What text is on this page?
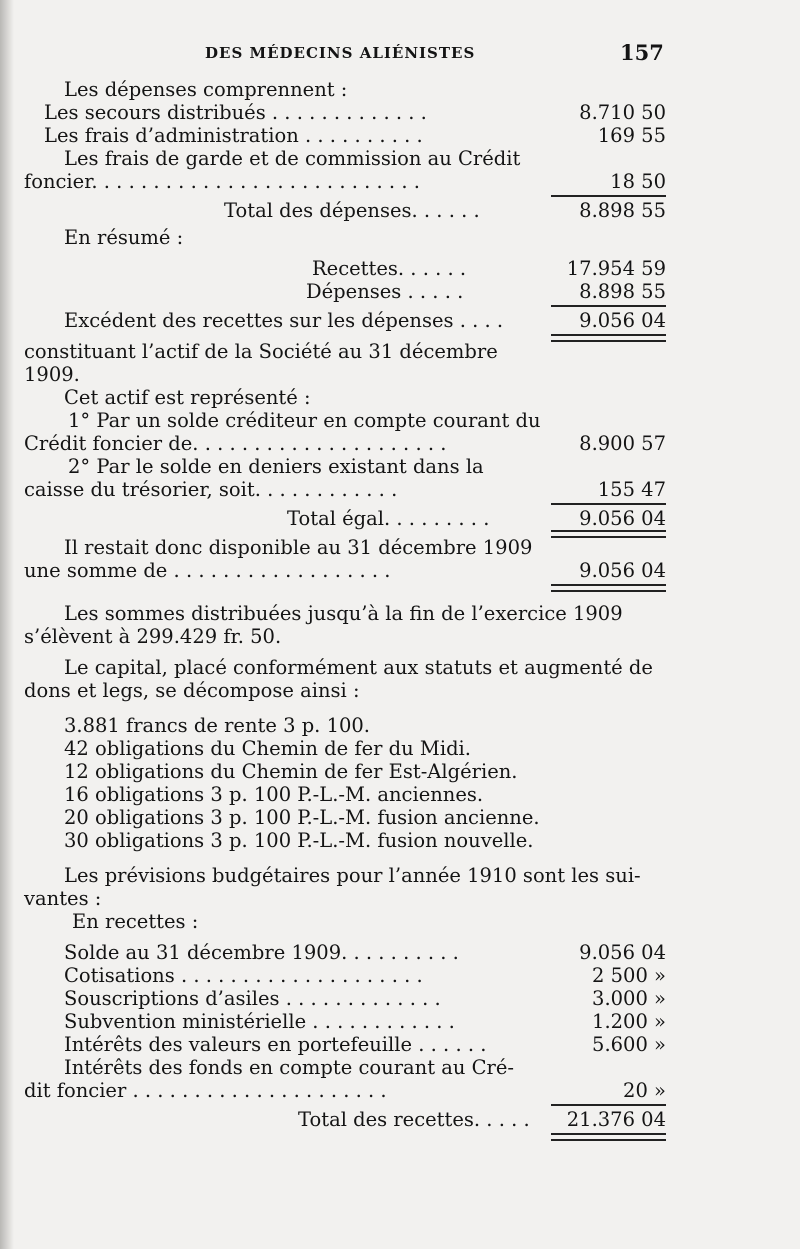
DES MÉDECINS ALIÉNISTES	157
Les dépenses comprennent :
Les secours distribués . . . . . . . . . . . . .	8.710 50
Les frais d’administration . . . . . . . . . .	169 55
Les frais de garde et de commission au Crédit
foncier. . . . . . . . . . . . . . . . . . . . . . . . . . .	18 50
Total des dépenses. . . . . .	8.898 55
En résumé :
Recettes. . . . . .	17.954 59
Dépenses . . . . .	8.898 55
Excédent des recettes sur les dépenses . . . .	9.056 04
constituant l’actif de la Société au 31 décembre
1909.
Cet actif est représenté :
1° Par un solde créditeur en compte courant du
Crédit foncier de. . . . . . . . . . . . . . . . . . . . .	8.900 57
2° Par le solde en deniers existant dans la
caisse du trésorier, soit. . . . . . . . . . . .	155 47
Total égal. . . . . . . . .	9.056 04
Il restait donc disponible au 31 décembre 1909
une somme de . . . . . . . . . . . . . . . . . .	9.056 04
Les sommes distribuées jusqu’à la fin de l’exercice 1909
s’élèvent à 299.429 fr. 50.
Le capital, placé conformément aux statuts et augmenté de
dons et legs, se décompose ainsi :
3.881 francs de rente 3 p. 100.
42 obligations du Chemin de fer du Midi.
12 obligations du Chemin de fer Est-Algérien.
16 obligations 3 p. 100 P.-L.-M. anciennes.
20 obligations 3 p. 100 P.-L.-M. fusion ancienne.
30 obligations 3 p. 100 P.-L.-M. fusion nouvelle.
Les prévisions budgétaires pour l’année 1910 sont les sui-
vantes :
En recettes :
Solde au 31 décembre 1909. . . . . . . . . .	9.056 04
Cotisations . . . . . . . . . . . . . . . . . . . .	2 500 »
Souscriptions d’asiles . . . . . . . . . . . . .	3.000 »
Subvention ministérielle . . . . . . . . . . . .	1.200 »
Intérêts des valeurs en portefeuille . . . . . .	5.600 »
Intérêts des fonds en compte courant au Cré-
dit foncier . . . . . . . . . . . . . . . . . . . . .	20 »
Total des recettes. . . . .	21.376 04
